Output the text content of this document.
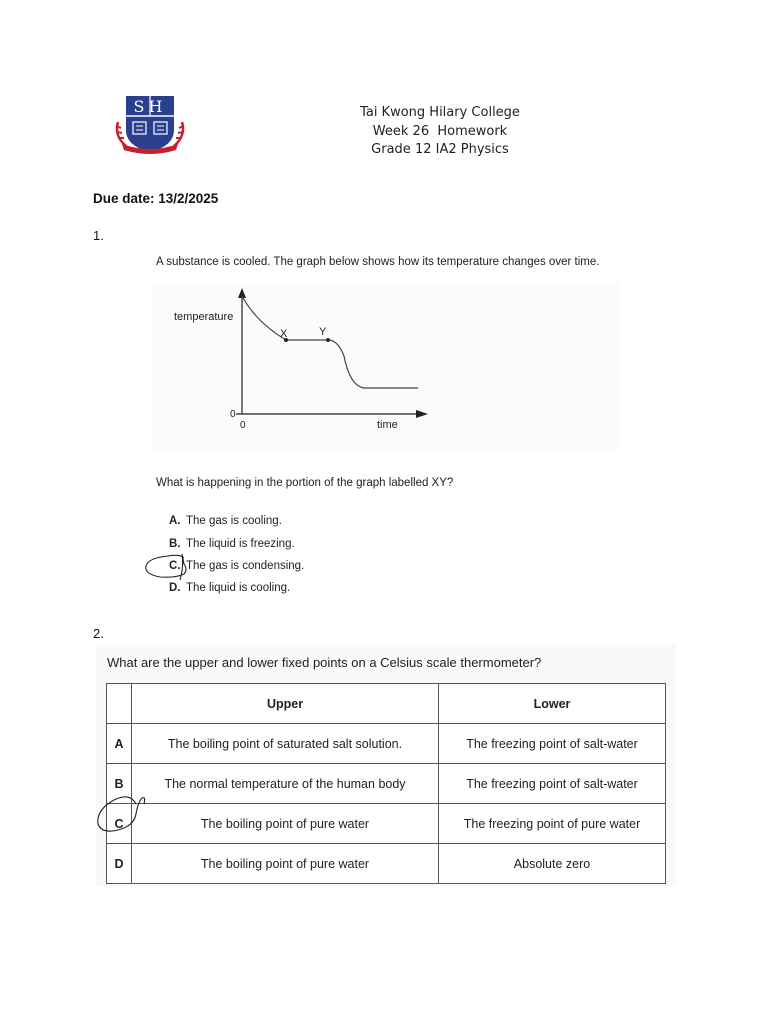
SH	Tai Kwong Hilary College
Week 26  Homework
Grade 12 IA2 Physics
Due date: 13/2/2025
1.
A substance is cooled. The graph below shows how its temperature changes over time.
temperature
time
0
0
X	Y
What is happening in the portion of the graph labelled XY?
A. The gas is cooling.
B. The liquid is freezing.
C. The gas is condensing.
D. The liquid is cooling.
2.
What are the upper and lower fixed points on a Celsius scale thermometer?
	Upper	Lower
A	The boiling point of saturated salt solution.	The freezing point of salt-water
B	The normal temperature of the human body	The freezing point of salt-water
C	The boiling point of pure water	The freezing point of pure water
D	The boiling point of pure water	Absolute zero
